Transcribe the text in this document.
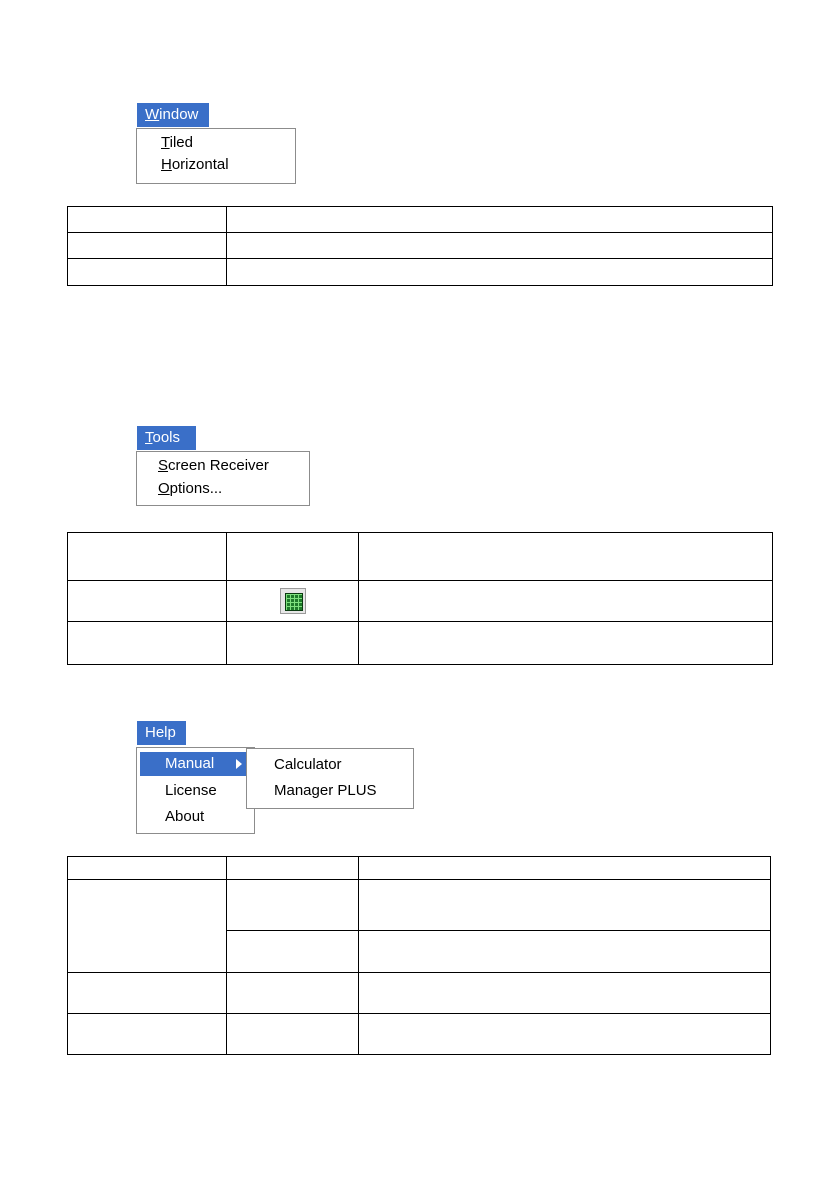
Window
Tiled
Horizontal

Tools
Screen Receiver
Options...

Help
Manual
License
About
Calculator
Manager PLUS
